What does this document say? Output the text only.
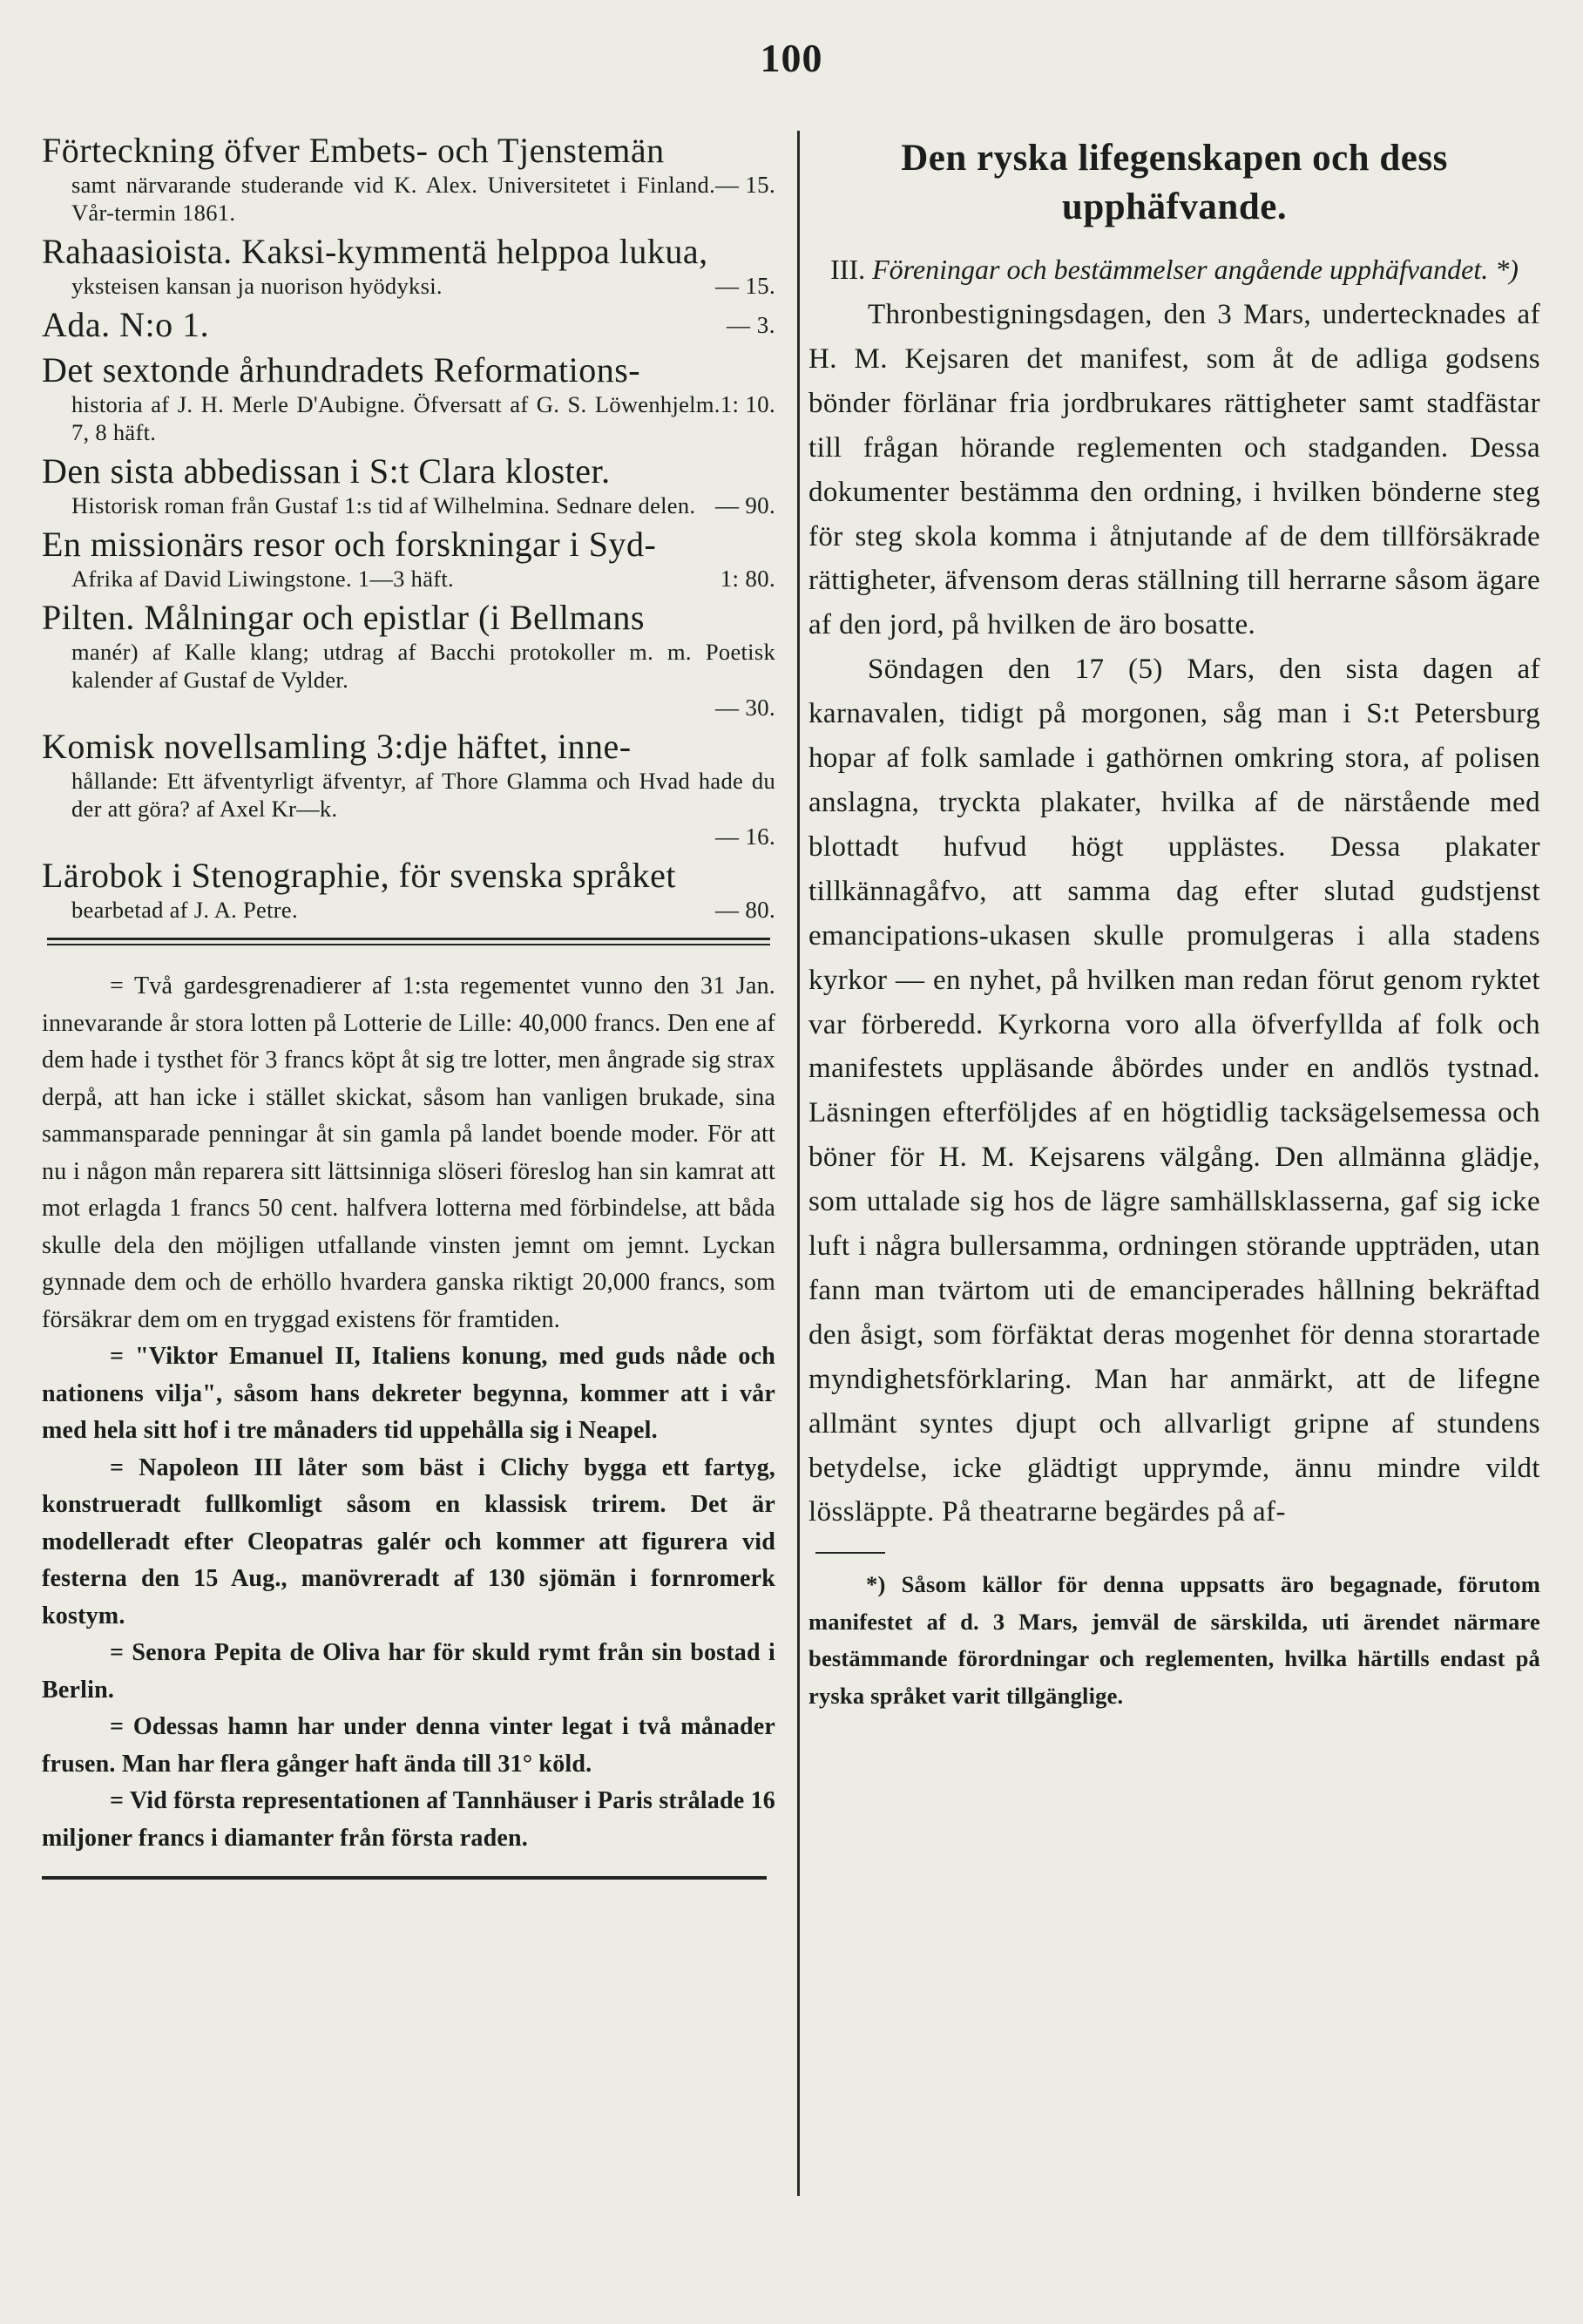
100

Förteckning öfver Embets- och Tjenstemän

— 15.
samt närvarande studerande vid K. Alex. Universitetet i Finland. Vår-termin 1861.

Rahaasioista. Kaksi-kymmentä helppoa lukua,

— 15.
yksteisen kansan ja nuorison hyödyksi.

— 3.
Ada. N:o 1.

Det sextonde århundradets Reformations-

1: 10.
historia af J. H. Merle D'Aubigne. Öfversatt af G. S. Löwenhjelm. 7, 8 häft.

Den sista abbedissan i S:t Clara kloster.

— 90.
Historisk roman från Gustaf 1:s tid af Wilhelmina. Sednare delen.

En missionärs resor och forskningar i Syd-

1: 80.
Afrika af David Liwingstone. 1—3 häft.

Pilten. Målningar och epistlar (i Bellmans

manér) af Kalle klang; utdrag af Bacchi protokoller m. m. Poetisk kalender af Gustaf de Vylder.

— 30.

Komisk novellsamling 3:dje häftet, inne-

hållande: Ett äfventyrligt äfventyr, af Thore Glamma och Hvad hade du der att göra? af Axel Kr—k.

— 16.

Lärobok i Stenographie, för svenska språket

— 80.
bearbetad af J. A. Petre.

= Två gardesgrenadierer af 1:sta regementet vunno den 31 Jan. innevarande år stora lotten på Lotterie de Lille: 40,000 francs. Den ene af dem hade i tysthet för 3 francs köpt åt sig tre lotter, men ångrade sig strax derpå, att han icke i stället skickat, såsom han vanligen brukade, sina sammansparade penningar åt sin gamla på landet boende moder. För att nu i någon mån reparera sitt lättsinniga slöseri föreslog han sin kamrat att mot erlagda 1 francs 50 cent. halfvera lotterna med förbindelse, att båda skulle dela den möjligen utfallande vinsten jemnt om jemnt. Lyckan gynnade dem och de erhöllo hvardera ganska riktigt 20,000 francs, som försäkrar dem om en tryggad existens för framtiden.

= "Viktor Emanuel II, Italiens konung, med guds nåde och nationens vilja", såsom hans dekreter begynna, kommer att i vår med hela sitt hof i tre månaders tid uppehålla sig i Neapel.

= Napoleon III låter som bäst i Clichy bygga ett fartyg, konstrueradt fullkomligt såsom en klassisk trirem. Det är modelleradt efter Cleopatras galér och kommer att figurera vid festerna den 15 Aug., manövreradt af 130 sjömän i fornromerk kostym.

= Senora Pepita de Oliva har för skuld rymt från sin bostad i Berlin.

= Odessas hamn har under denna vinter legat i två månader frusen. Man har flera gånger haft ända till 31° köld.

= Vid första representationen af Tannhäuser i Paris strålade 16 miljoner francs i diamanter från första raden.

Den ryska lifegenskapen och dess upphäfvande.

III. Föreningar och bestämmelser angående upphäfvandet. *)

Thronbestigningsdagen, den 3 Mars, undertecknades af H. M. Kejsaren det manifest, som åt de adliga godsens bönder förlänar fria jordbrukares rättigheter samt stadfästar till frågan hörande reglementen och stadganden. Dessa dokumenter bestämma den ordning, i hvilken bönderne steg för steg skola komma i åtnjutande af de dem tillförsäkrade rättigheter, äfvensom deras ställning till herrarne såsom ägare af den jord, på hvilken de äro bosatte.

Söndagen den 17 (5) Mars, den sista dagen af karnavalen, tidigt på morgonen, såg man i S:t Petersburg hopar af folk samlade i gathörnen omkring stora, af polisen anslagna, tryckta plakater, hvilka af de närstående med blottadt hufvud högt upplästes. Dessa plakater tillkännagåfvo, att samma dag efter slutad gudstjenst emancipations-ukasen skulle promulgeras i alla stadens kyrkor — en nyhet, på hvilken man redan förut genom ryktet var förberedd. Kyrkorna voro alla öfverfyllda af folk och manifestets uppläsande åbördes under en andlös tystnad. Läsningen efterföljdes af en högtidlig tacksägelsemessa och böner för H. M. Kejsarens välgång. Den allmänna glädje, som uttalade sig hos de lägre samhällsklasserna, gaf sig icke luft i några bullersamma, ordningen störande uppträden, utan fann man tvärtom uti de emanciperades hållning bekräftad den åsigt, som förfäktat deras mogenhet för denna storartade myndighetsförklaring. Man har anmärkt, att de lifegne allmänt syntes djupt och allvarligt gripne af stundens betydelse, icke glädtigt upprymde, ännu mindre vildt lössläppte. På theatrarne begärdes på af-

*) Såsom källor för denna uppsatts äro begagnade, förutom manifestet af d. 3 Mars, jemväl de särskilda, uti ärendet närmare bestämmande förordningar och reglementen, hvilka härtills endast på ryska språket varit tillgänglige.
